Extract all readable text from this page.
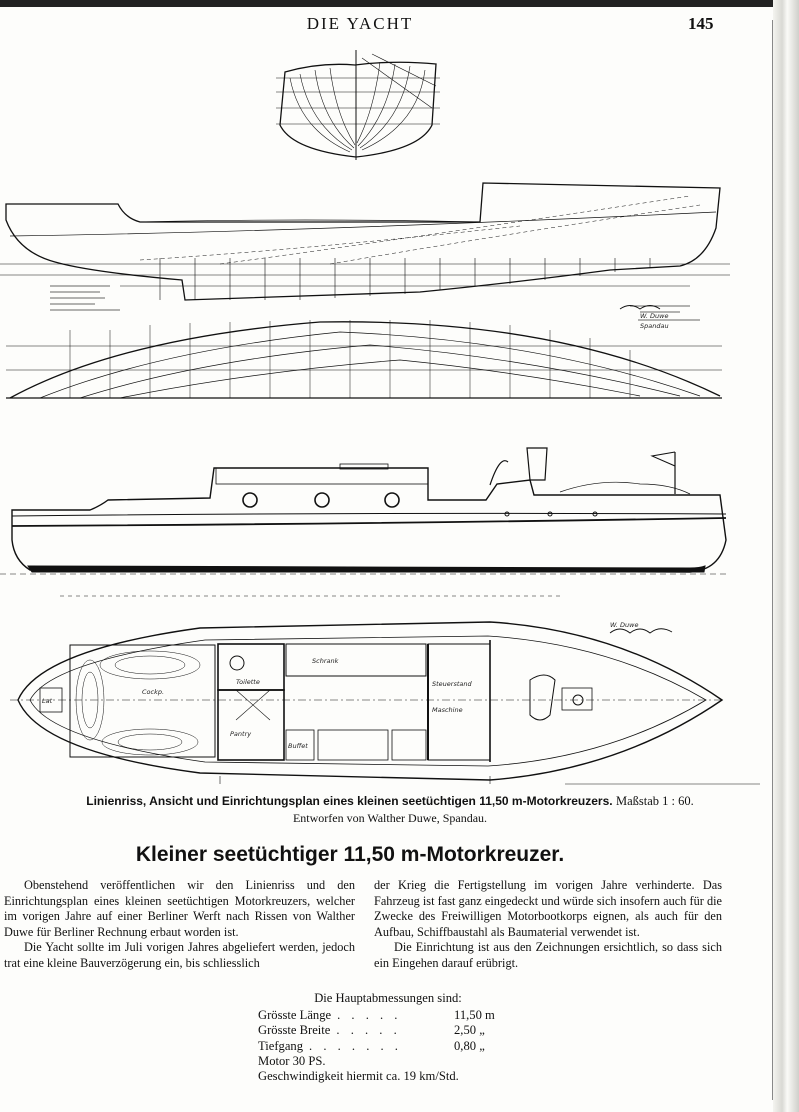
DIE YACHT	145
W. Duwe
W. Duwe
Spandau
Lat
Cockp.
Toilette
Schrank
Pantry
Buffet
Steuerstand
Maschine
Linienriss, Ansicht und Einrichtungsplan eines kleinen seetüchtigen 11,50 m-Motorkreuzers. Maßstab 1 : 60.
Entworfen von Walther Duwe, Spandau.
Kleiner seetüchtiger 11,50 m-Motorkreuzer.

Obenstehend veröffentlichen wir den Linienriss und den Einrichtungsplan eines kleinen seetüchtigen Motorkreuzers, welcher im vorigen Jahre auf einer Berliner Werft nach Rissen von Walther Duwe für Berliner Rechnung erbaut worden ist.

Die Yacht sollte im Juli vorigen Jahres abgeliefert werden, jedoch trat eine kleine Bauverzögerung ein, bis schliesslich

der Krieg die Fertigstellung im vorigen Jahre verhinderte. Das Fahrzeug ist fast ganz eingedeckt und würde sich insofern auch für die Zwecke des Freiwilligen Motorbootkorps eignen, als auch für den Aufbau, Schiffbaustahl als Baumaterial verwendet ist.

Die Einrichtung ist aus den Zeichnungen ersichtlich, so dass sich ein Eingehen darauf erübrigt.

Die Hauptabmessungen sind:
Grösste Länge . . . . .	11,50 m
Grösste Breite . . . . .	2,50 „
Tiefgang . . . . . . .	0,80 „
Motor 30 PS.
Geschwindigkeit hiermit ca. 19 km/Std.
